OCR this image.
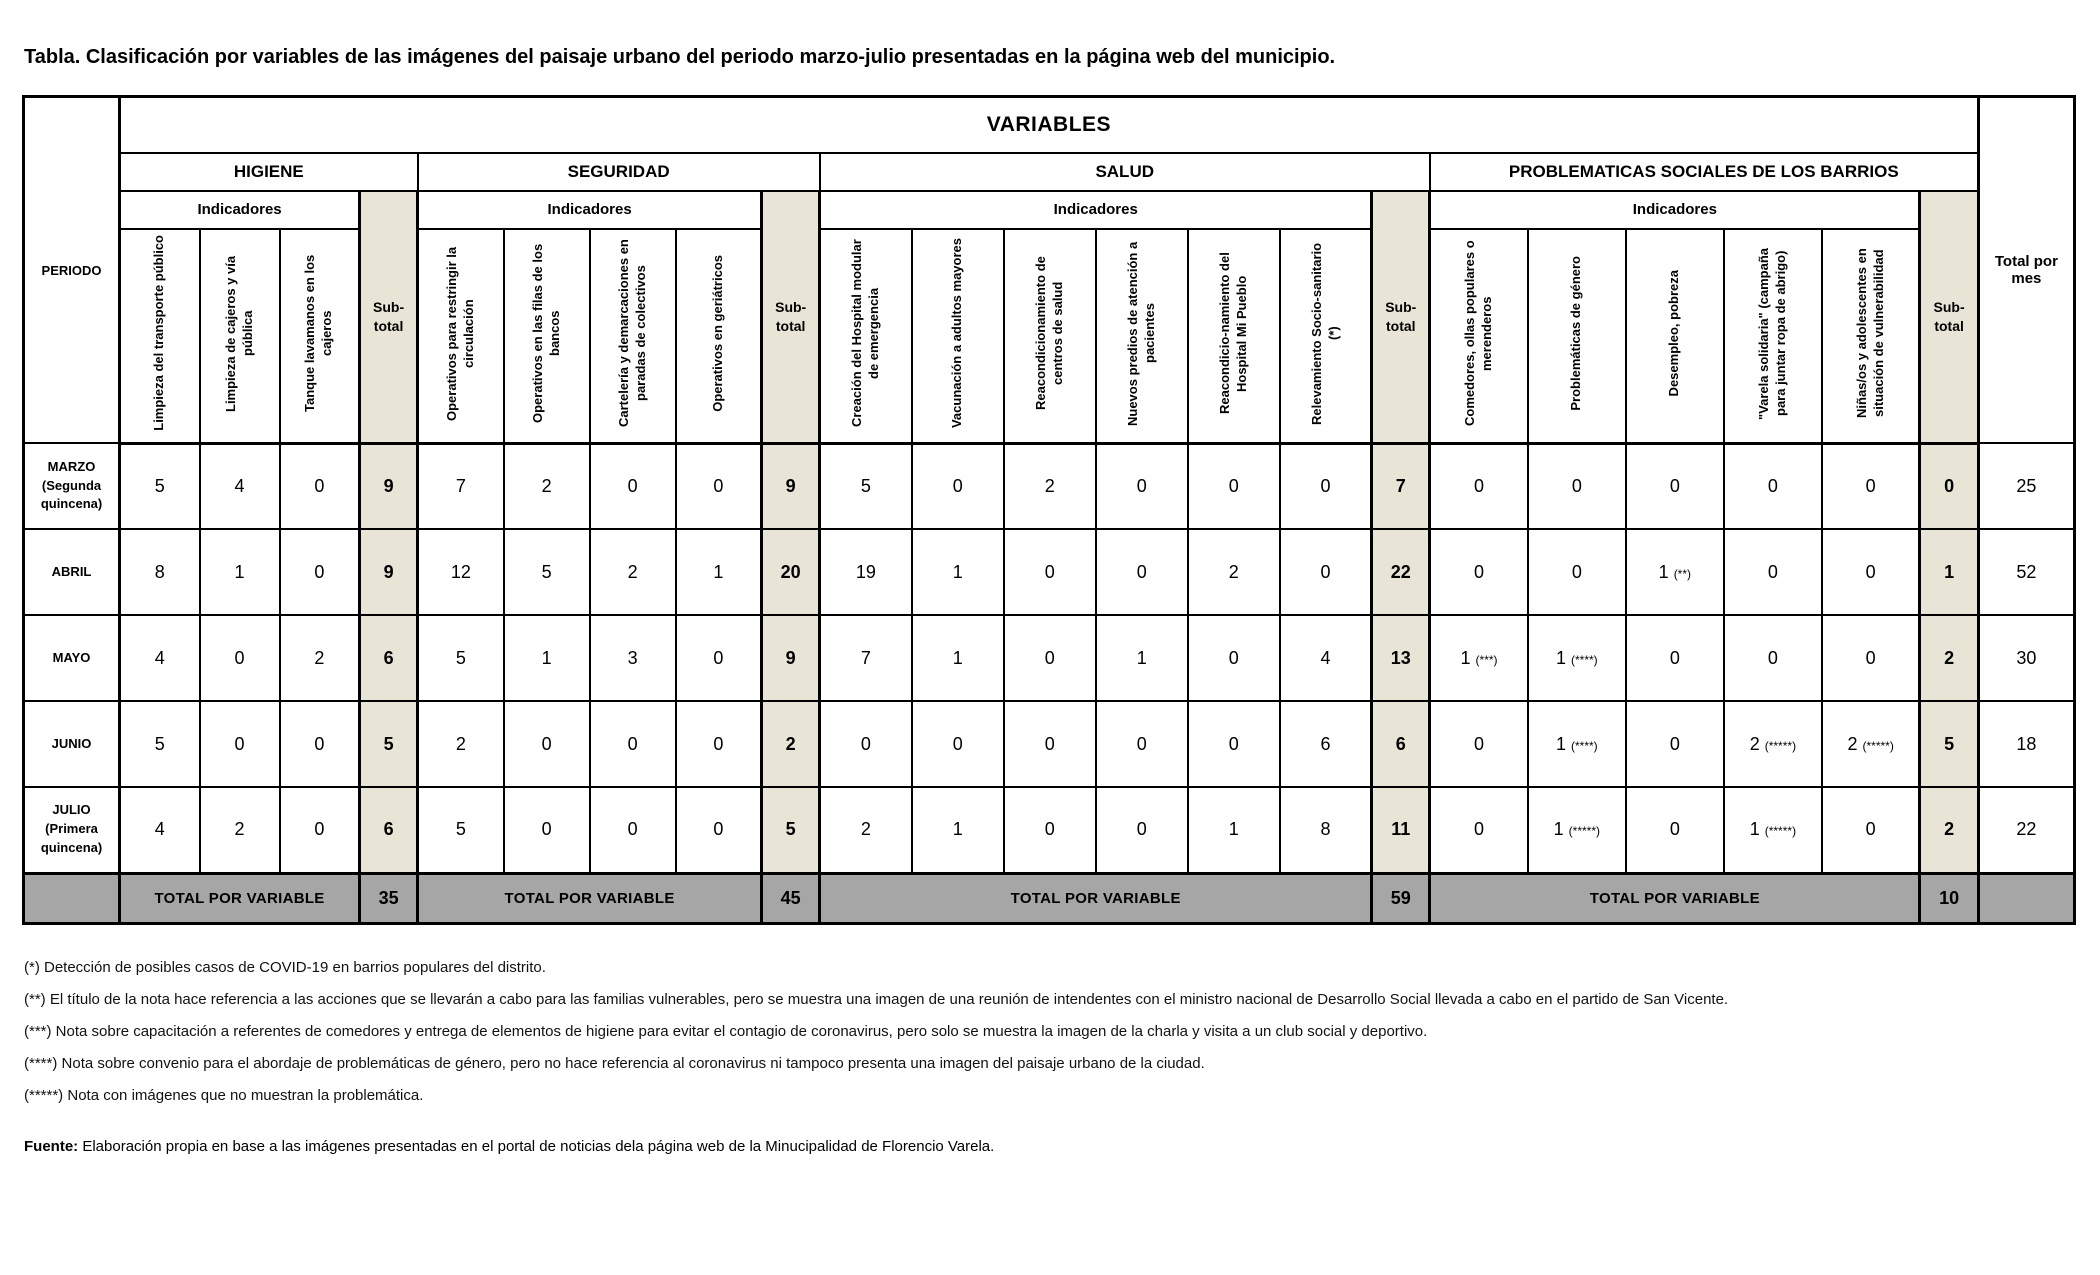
Tabla. Clasificación por variables de las imágenes del paisaje urbano del periodo marzo-julio presentadas en la página web del municipio.

PERIODO	VARIABLES																						Total por mes
	HIGIENE				SEGURIDAD					SALUD							PROBLEMATICAS SOCIALES DE LOS BARRIOS						
	Indicadores			Sub-total	Indicadores				Sub-total	Indicadores						Sub-total	Indicadores					Sub-total	
	Limpieza del transporte público	Limpieza de cajeros y vía pública	Tanque lavamanos en los cajeros		Operativos para restringir la circulación	Operativos en las filas de los bancos	Cartelería y demarcaciones en paradas de colectivos	Operativos en geriátricos		Creación del Hospital modular de emergencia	Vacunación a adultos mayores	Reacondicionamiento de centros de salud	Nuevos predios de atención a pacientes	Reacondicio-namiento del Hospital Mi Pueblo	Relevamiento Socio-sanitario (*)		Comedores, ollas populares o merenderos	Problemáticas de género	Desempleo, pobreza	"Varela solidaria" (campaña para juntar ropa de abrigo)	Niñas/os y adolescentes en situación de vulnerabilidad		
MARZO
(Segunda
quincena)	5	4	0	9	7	2	0	0	9	5	0	2	0	0	0	7	0	0	0	0	0	0	25
ABRIL	8	1	0	9	12	5	2	1	20	19	1	0	0	2	0	22	0	0	1 (**)	0	0	1	52
MAYO	4	0	2	6	5	1	3	0	9	7	1	0	1	0	4	13	1 (***)	1 (****)	0	0	0	2	30
JUNIO	5	0	0	5	2	0	0	0	2	0	0	0	0	0	6	6	0	1 (****)	0	2 (*****)	2 (*****)	5	18
JULIO
(Primera
quincena)	4	2	0	6	5	0	0	0	5	2	1	0	0	1	8	11	0	1 (*****)	0	1 (*****)	0	2	22
	TOTAL POR VARIABLE			35	TOTAL POR VARIABLE				45	TOTAL POR VARIABLE						59	TOTAL POR VARIABLE					10	
(*) Detección de posibles casos de COVID-19 en barrios populares del distrito.
(**) El título de la nota hace referencia a las acciones que se llevarán a cabo para las familias vulnerables, pero se muestra una imagen de una reunión de intendentes con el ministro nacional de Desarrollo Social llevada a cabo en el partido de San Vicente.
(***) Nota sobre capacitación a referentes de comedores y entrega de elementos de higiene para evitar el contagio de coronavirus, pero solo se muestra la imagen de la charla y visita a un club social y deportivo.
(****) Nota sobre convenio para el abordaje de problemáticas de género, pero no hace referencia al coronavirus ni tampoco presenta una imagen del paisaje urbano de la ciudad.
(*****) Nota con imágenes que no muestran la problemática.

Fuente: Elaboración propia en base a las imágenes presentadas en el portal de noticias dela página web de la Minucipalidad de Florencio Varela.
